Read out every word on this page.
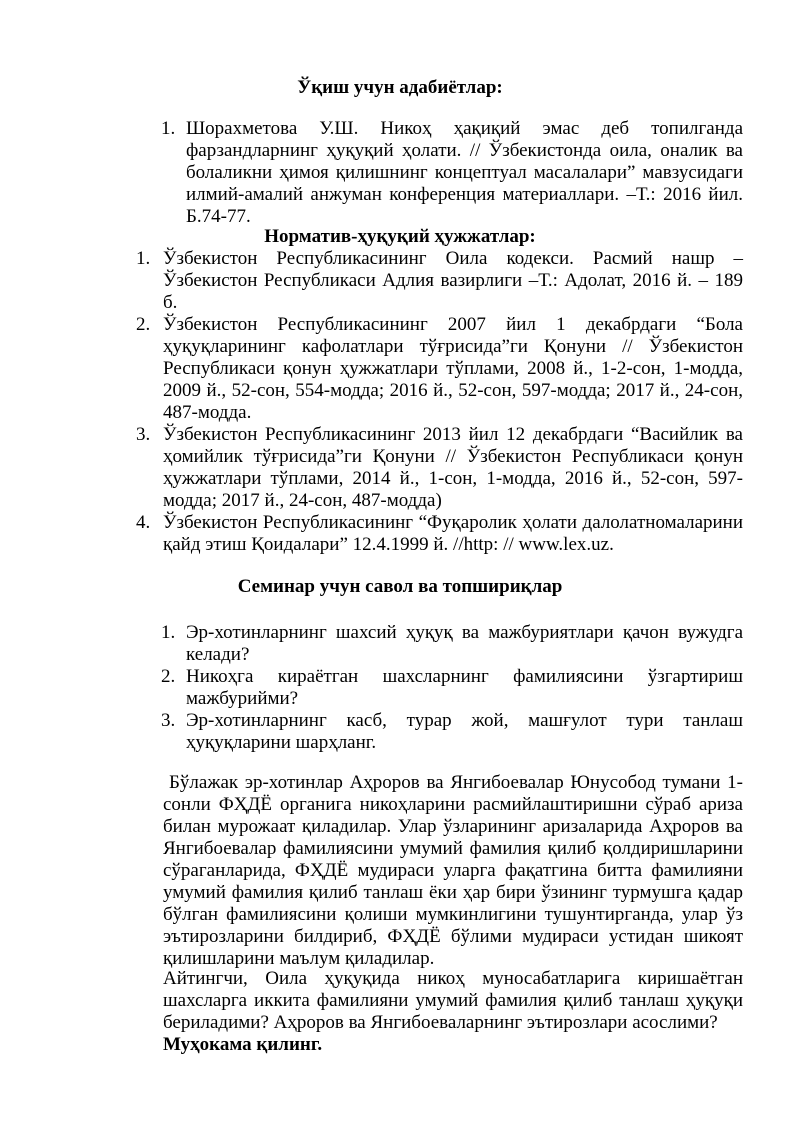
Ўқиш учун адабиётлар:

1. Шорахметова У.Ш. Никоҳ ҳақиқий эмас деб топилганда фарзандларнинг ҳуқуқий ҳолати. // Ўзбекистонда оила, оналик ва болаликни ҳимоя қилишнинг концептуал масалалари” мавзусидаги илмий-амалий анжуман конференция материаллари. –Т.: 2016 йил. Б.74-77.

Норматив-ҳуқуқий ҳужжатлар:

1. Ўзбекистон Республикасининг Оила кодекси. Расмий нашр – Ўзбекистон Республикаси Адлия вазирлиги –Т.: Адолат, 2016 й. – 189 б.
2. Ўзбекистон Республикасининг 2007 йил 1 декабрдаги “Бола ҳуқуқларининг кафолатлари тўғрисида”ги Қонуни // Ўзбекистон Республикаси қонун ҳужжатлари тўплами, 2008 й., 1-2-сон, 1-модда, 2009 й., 52-сон, 554-модда; 2016 й., 52-сон, 597-модда; 2017 й., 24-сон, 487-модда.
3. Ўзбекистон Республикасининг 2013 йил 12 декабрдаги “Васийлик ва ҳомийлик тўғрисида”ги Қонуни // Ўзбекистон Республикаси қонун ҳужжатлари тўплами, 2014 й., 1-сон, 1-модда, 2016 й., 52-сон, 597-модда; 2017 й., 24-сон, 487-модда)
4. Ўзбекистон Республикасининг “Фуқаролик ҳолати далолатномаларини қайд этиш Қоидалари” 12.4.1999 й. //http: // www.lex.uz.

Семинар учун савол ва топшириқлар

1. Эр-хотинларнинг шахсий ҳуқуқ ва мажбуриятлари қачон вужудга келади?
2. Никоҳга кираётган шахсларнинг фамилиясини ўзгартириш мажбурийми?
3. Эр-хотинларнинг касб, турар жой, машғулот тури танлаш ҳуқуқларини шарҳланг.

Бўлажак эр-хотинлар Аҳроров ва Янгибоевалар Юнусобод тумани 1-сонли ФҲДЁ органига никоҳларини расмийлаштиришни сўраб ариза билан мурожаат қиладилар. Улар ўзларининг аризаларида Аҳроров ва Янгибоевалар фамилиясини умумий фамилия қилиб қолдиришларини сўраганларида, ФҲДЁ мудираси уларга фақатгина битта фамилияни умумий фамилия қилиб танлаш ёки ҳар бири ўзининг турмушга қадар бўлган фамилиясини қолиши мумкинлигини тушунтирганда, улар ўз эътирозларини билдириб, ФҲДЁ бўлими мудираси устидан шикоят қилишларини маълум қиладилар.

Айтингчи, Оила ҳуқуқида никоҳ муносабатларига киришаётган шахсларга иккита фамилияни умумий фамилия қилиб танлаш ҳуқуқи бериладими? Аҳроров ва Янгибоеваларнинг эътирозлари асослими?

Муҳокама қилинг.
